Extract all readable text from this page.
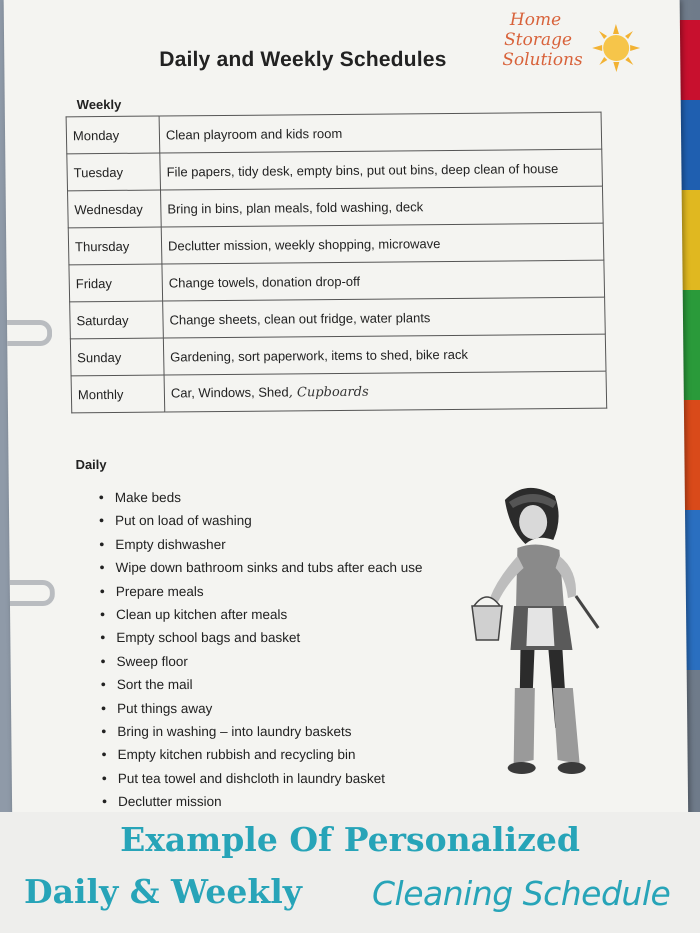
Daily and Weekly Schedules
Home
Storage
Solutions
Weekly
Monday	Clean playroom and kids room
Tuesday	File papers, tidy desk, empty bins, put out bins, deep clean of house
Wednesday	Bring in bins, plan meals, fold washing, deck
Thursday	Declutter mission, weekly shopping, microwave
Friday	Change towels, donation drop-off
Saturday	Change sheets, clean out fridge, water plants
Sunday	Gardening, sort paperwork, items to shed, bike rack
Monthly	Car, Windows, Shed, Cupboards
Daily
• Make beds
• Put on load of washing
• Empty dishwasher
• Wipe down bathroom sinks and tubs after each use
• Prepare meals
• Clean up kitchen after meals
• Empty school bags and basket
• Sweep floor
• Sort the mail
• Put things away
• Bring in washing – into laundry baskets
• Empty kitchen rubbish and recycling bin
• Put tea towel and dishcloth in laundry basket
• Declutter mission
Example Of Personalized
Daily & Weekly Cleaning Schedule
